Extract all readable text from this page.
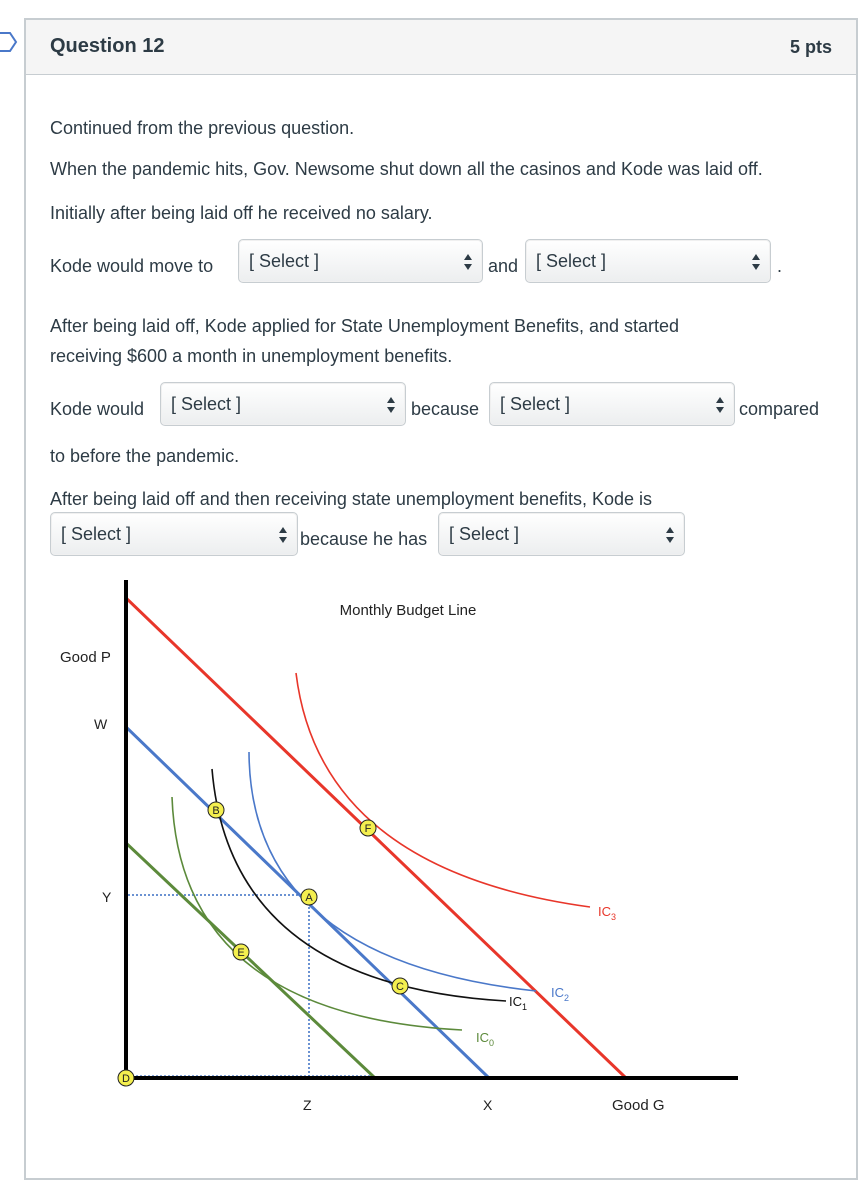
Question 12	5 pts
Continued from the previous question.
When the pandemic hits, Gov. Newsome shut down all the casinos and Kode was laid off.
Initially after being laid off he received no salary.
Kode would move to [ Select ]	and [ Select ]	.
After being laid off, Kode applied for State Unemployment Benefits, and started
receiving $600 a month in unemployment benefits.
Kode would [ Select ]	because [ Select ]	compared
to before the pandemic.
After being laid off and then receiving state unemployment benefits, Kode is
[ Select ]	because he has [ Select ]
Monthly Budget Line
Good P
Good G
W
Y
Z	X
$IC_3$
$IC_2$
$IC_1$
$IC_0$
B
F
A
E
C
D
